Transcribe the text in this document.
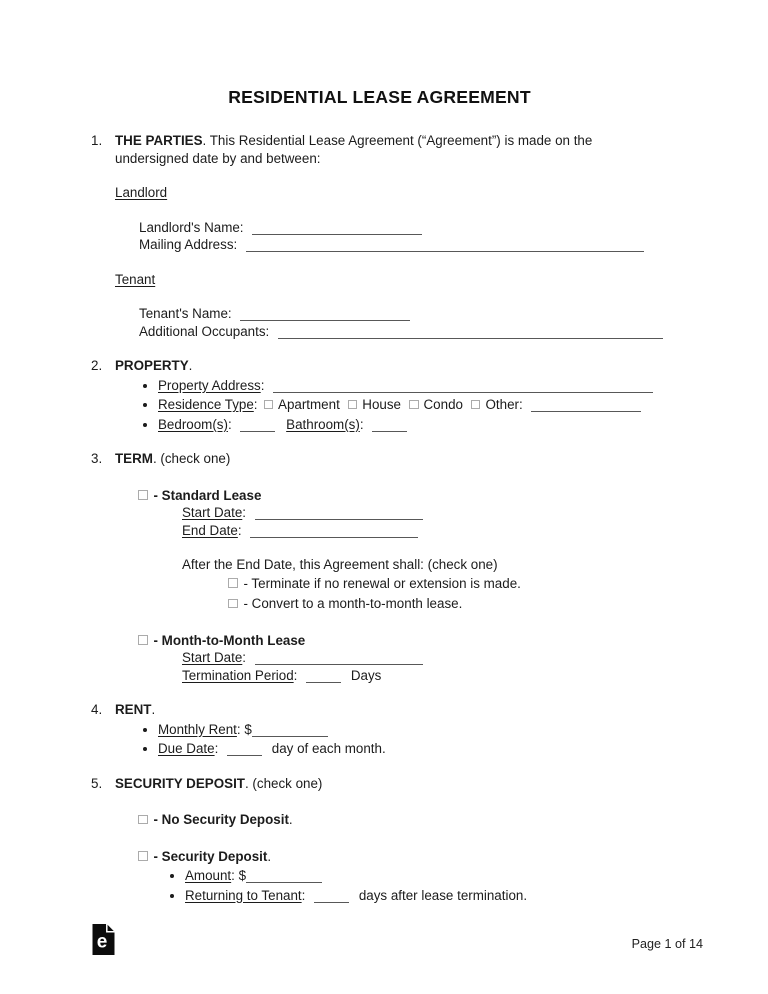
RESIDENTIAL LEASE AGREEMENT
1. THE PARTIES. This Residential Lease Agreement (“Agreement”) is made on the
undersigned date by and between:
Landlord
Landlord's Name:
Mailing Address:
Tenant
Tenant's Name:
Additional Occupants:
2. PROPERTY.
• Property Address:
• Residence Type: Apartment House Condo Other:
• Bedroom(s):	Bathroom(s):
3. TERM. (check one)
- Standard Lease
Start Date:
End Date:
After the End Date, this Agreement shall: (check one)
- Terminate if no renewal or extension is made.
- Convert to a month-to-month lease.
- Month-to-Month Lease
Start Date:
Termination Period:	Days
4. RENT.
• Monthly Rent: $
• Due Date:	day of each month.
5. SECURITY DEPOSIT. (check one)
- No Security Deposit.
- Security Deposit.
• Amount: $
• Returning to Tenant:	days after lease termination.
e	Page 1 of 14
